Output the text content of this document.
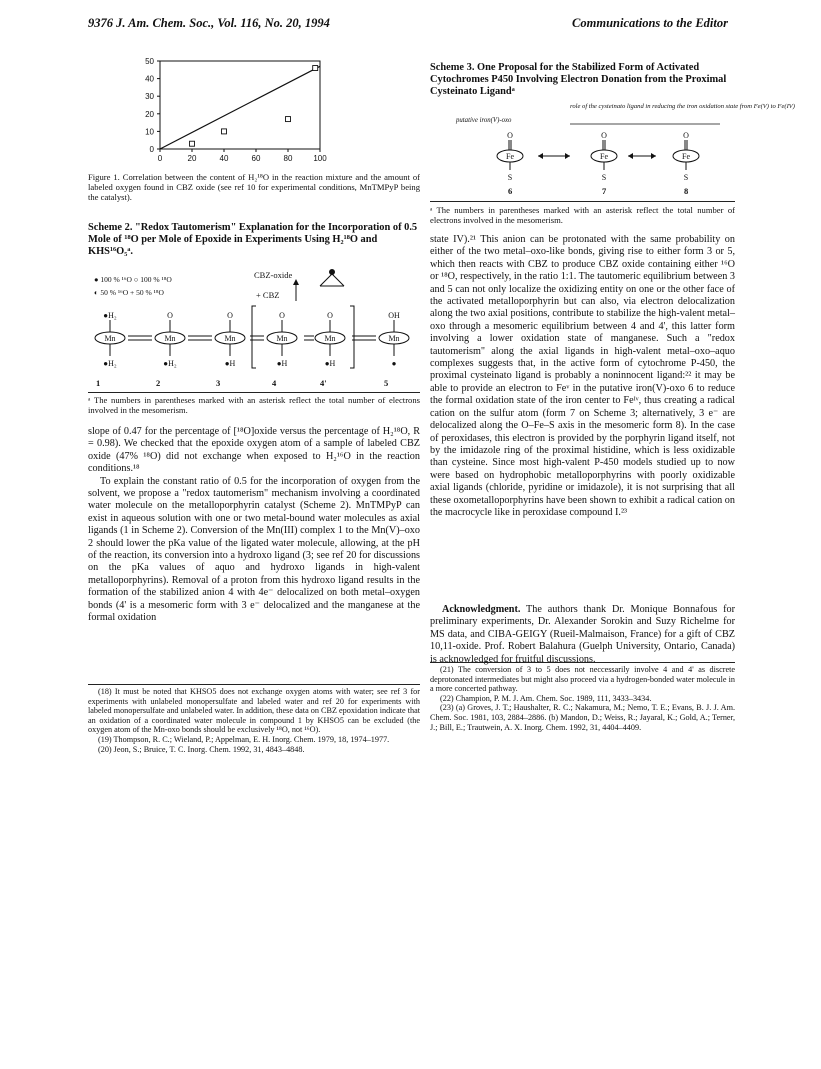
9376 J. Am. Chem. Soc., Vol. 116, No. 20, 1994	Communications to the Editor
0	20	40	60	80	100
0
10
20
30
40
50
Figure 1. Correlation between the content of H₂¹⁸O in the reaction mixture and the amount of labeled oxygen found in CBZ oxide (see ref 10 for experimental conditions, MnTMPyP being the catalyst).
Scheme 2. "Redox Tautomerism" Explanation for the Incorporation of 0.5 Mole of ¹⁸O per Mole of Epoxide in Experiments Using H₂¹⁸O and KHS¹⁶O₅ᵃ.
● 100 % ¹⁶O ○ 100 % ¹⁸O
◐ 50 % ¹⁶O + 50 % ¹⁸O
CBZ-oxide
+ CBZ
Mn
●H₂
●H₂
Mn
O
●H₂
Mn
O
●H
Mn
O
●H
Mn
O
●H
Mn
OH
●
1	2	3	4	4'	5
ᵃ The numbers in parentheses marked with an asterisk reflect the total number of electrons involved in the mesomerism.

slope of 0.47 for the percentage of [¹⁸O]oxide versus the percentage of H₂¹⁸O, R = 0.98). We checked that the epoxide oxygen atom of a sample of labeled CBZ oxide (47% ¹⁸O) did not exchange when exposed to H₂¹⁶O in the reaction conditions.¹⁸

To explain the constant ratio of 0.5 for the incorporation of oxygen from the solvent, we propose a "redox tautomerism" mechanism involving a coordinated water molecule on the metalloporphyrin catalyst (Scheme 2). MnTMPyP can exist in aqueous solution with one or two metal-bound water molecules as axial ligands (1 in Scheme 2). Conversion of the Mn(III) complex 1 to the Mn(V)–oxo 2 should lower the pKa value of the ligated water molecule, allowing, at the pH of the reaction, its conversion into a hydroxo ligand (3; see ref 20 for discussions on the pKa values of aquo and hydroxo ligands in high-valent metalloporphyrins). Removal of a proton from this hydroxo ligand results in the formation of the stabilized anion 4 with 4e⁻ delocalized on both metal–oxygen bonds (4' is a mesomeric form with 3 e⁻ delocalized and the manganese at the formal oxidation

(18) It must be noted that KHSO5 does not exchange oxygen atoms with water; see ref 3 for experiments with unlabeled monopersulfate and labeled water and ref 20 for experiments with labeled monopersulfate and unlabeled water. In addition, these data on CBZ epoxidation indicate that an oxidation of a coordinated water molecule in compound 1 by KHSO5 can be excluded (the oxygen atom of the Mn-oxo bonds should be exclusively ¹⁸O, not ¹⁶O).

(19) Thompson, R. C.; Wieland, P.; Appelman, E. H. Inorg. Chem. 1979, 18, 1974–1977.

(20) Jeon, S.; Bruice, T. C. Inorg. Chem. 1992, 31, 4843–4848.

Scheme 3. One Proposal for the Stabilized Form of Activated Cytochromes P450 Involving Electron Donation from the Proximal Cysteinato Ligandᵃ
putative iron(V)-oxo
role of the cysteinato ligand in reducing the iron oxidation state from Fe(V) to Fe(IV)
Fe
O
S
Fe
O
S
Fe
O
S
6	7	8
ᵃ The numbers in parentheses marked with an asterisk reflect the total number of electrons involved in the mesomerism.

state IV).²¹ This anion can be protonated with the same probability on either of the two metal–oxo-like bonds, giving rise to either form 3 or 5, which then reacts with CBZ to produce CBZ oxide containing either ¹⁶O or ¹⁸O, respectively, in the ratio 1:1. The tautomeric equilibrium between 3 and 5 can not only localize the oxidizing entity on one or the other face of the activated metalloporphyrin but can also, via electron delocalization along the two axial positions, contribute to stabilize the high-valent metal–oxo through a mesomeric equilibrium between 4 and 4', this latter form involving a lower oxidation state of manganese. Such a "redox tautomerism" along the axial ligands in high-valent metal–oxo–aquo complexes suggests that, in the active form of cytochrome P-450, the proximal cysteinato ligand is probably a noninnocent ligand:²² it may be able to provide an electron to Feᵛ in the putative iron(V)-oxo 6 to reduce the formal oxidation state of the iron center to Feᴵᵛ, thus creating a radical cation on the sulfur atom (form 7 on Scheme 3; alternatively, 3 e⁻ are delocalized along the O–Fe–S axis in the mesomeric form 8). In the case of peroxidases, this electron is provided by the porphyrin ligand itself, not by the imidazole ring of the proximal histidine, which is less oxidizable than cysteine. Since most high-valent P-450 models studied up to now were based on hydrophobic metalloporphyrins with poorly oxidizable axial ligands (chloride, pyridine or imidazole), it is not surprising that all these oxometalloporphyrins have been shown to exhibit a radical cation on the macrocycle like in peroxidase compound I.²³

Acknowledgment. The authors thank Dr. Monique Bonnafous for preliminary experiments, Dr. Alexander Sorokin and Suzy Richelme for MS data, and CIBA-GEIGY (Rueil-Malmaison, France) for a gift of CBZ 10,11-oxide. Prof. Robert Balahura (Guelph University, Ontario, Canada) is acknowledged for fruitful discussions.

(21) The conversion of 3 to 5 does not neccessarily involve 4 and 4' as discrete deprotonated intermediates but might also proceed via a hydrogen-bonded water molecule in a more concerted pathway.

(22) Champion, P. M. J. Am. Chem. Soc. 1989, 111, 3433–3434.

(23) (a) Groves, J. T.; Haushalter, R. C.; Nakamura, M.; Nemo, T. E.; Evans, B. J. J. Am. Chem. Soc. 1981, 103, 2884–2886. (b) Mandon, D.; Weiss, R.; Jayaral, K.; Gold, A.; Terner, J.; Bill, E.; Trautwein, A. X. Inorg. Chem. 1992, 31, 4404–4409.
